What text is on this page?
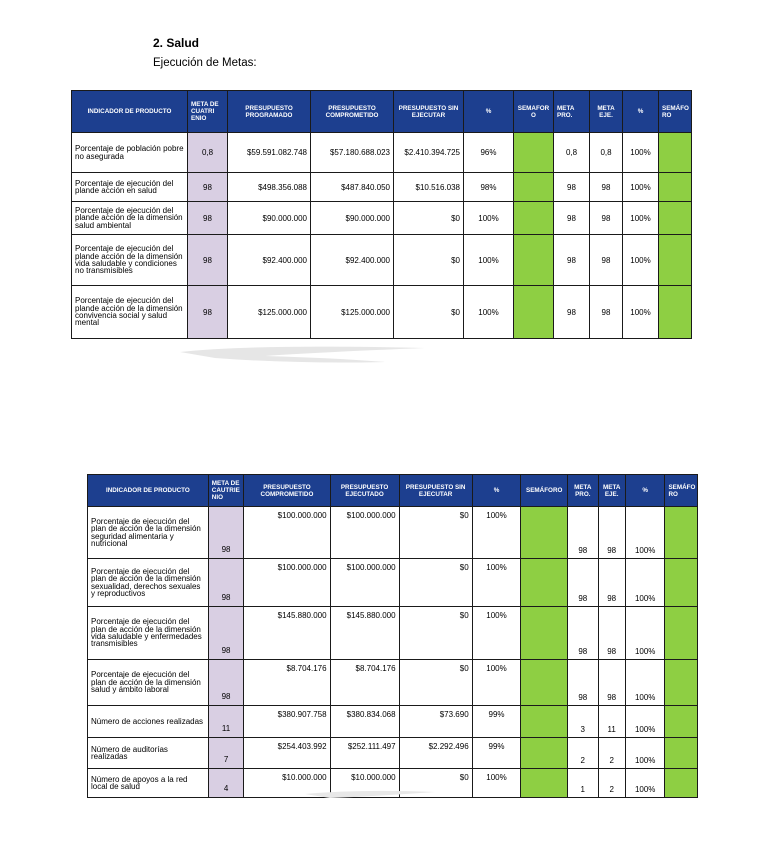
2. Salud
Ejecución de Metas:
INDICADOR DE PRODUCTO	META DE CUATRI ENIO	PRESUPUESTO PROGRAMADO	PRESUPUESTO COMPROMETIDO	PRESUPUESTO SIN EJECUTAR	%	SEMAFOR O	META PRO.	META EJE.	%	SEMÁFO RO
Porcentaje de población pobre no asegurada	0,8	$59.591.082.748	$57.180.688.023	$2.410.394.725	96%		0,8	0,8	100%	
Porcentaje de ejecución del plande acción en salud	98	$498.356.088	$487.840.050	$10.516.038	98%		98	98	100%	
Porcentaje de ejecución del plande acción de la dimensión salud ambiental	98	$90.000.000	$90.000.000	$0	100%		98	98	100%	
Porcentaje de ejecución del plande acción de la dimensión vida saludable y condiciones no transmisibles	98	$92.400.000	$92.400.000	$0	100%		98	98	100%	
Porcentaje de ejecución del plande acción de la dimensión convivencia social y salud mental	98	$125.000.000	$125.000.000	$0	100%		98	98	100%	
INDICADOR DE PRODUCTO	META DE CAUTRIE NIO	PRESUPUESTO COMPROMETIDO	PRESUPUESTO EJECUTADO	PRESUPUESTO SIN EJECUTAR	%	SEMÁFORO	META PRO.	META EJE.	%	SEMÁFO RO
Porcentaje de ejecución del plan de acción de la dimensión seguridad alimentaria y nutricional	98	$100.000.000	$100.000.000	$0	100%		98	98	100%	
Porcentaje de ejecución del plan de acción de la dimensión sexualidad, derechos sexuales y reproductivos	98	$100.000.000	$100.000.000	$0	100%		98	98	100%	
Porcentaje de ejecución del plan de acción de la dimensión vida saludable y enfermedades transmisibles	98	$145.880.000	$145.880.000	$0	100%		98	98	100%	
Porcentaje de ejecución del plan de acción de la dimensión salud y ámbito laboral	98	$8.704.176	$8.704.176	$0	100%		98	98	100%	
Número de acciones realizadas	11	$380.907.758	$380.834.068	$73.690	99%		3	11	100%	
Número de auditorías realizadas	7	$254.403.992	$252.111.497	$2.292.496	99%		2	2	100%	
Número de apoyos a la red local de salud	4	$10.000.000	$10.000.000	$0	100%		1	2	100%	
